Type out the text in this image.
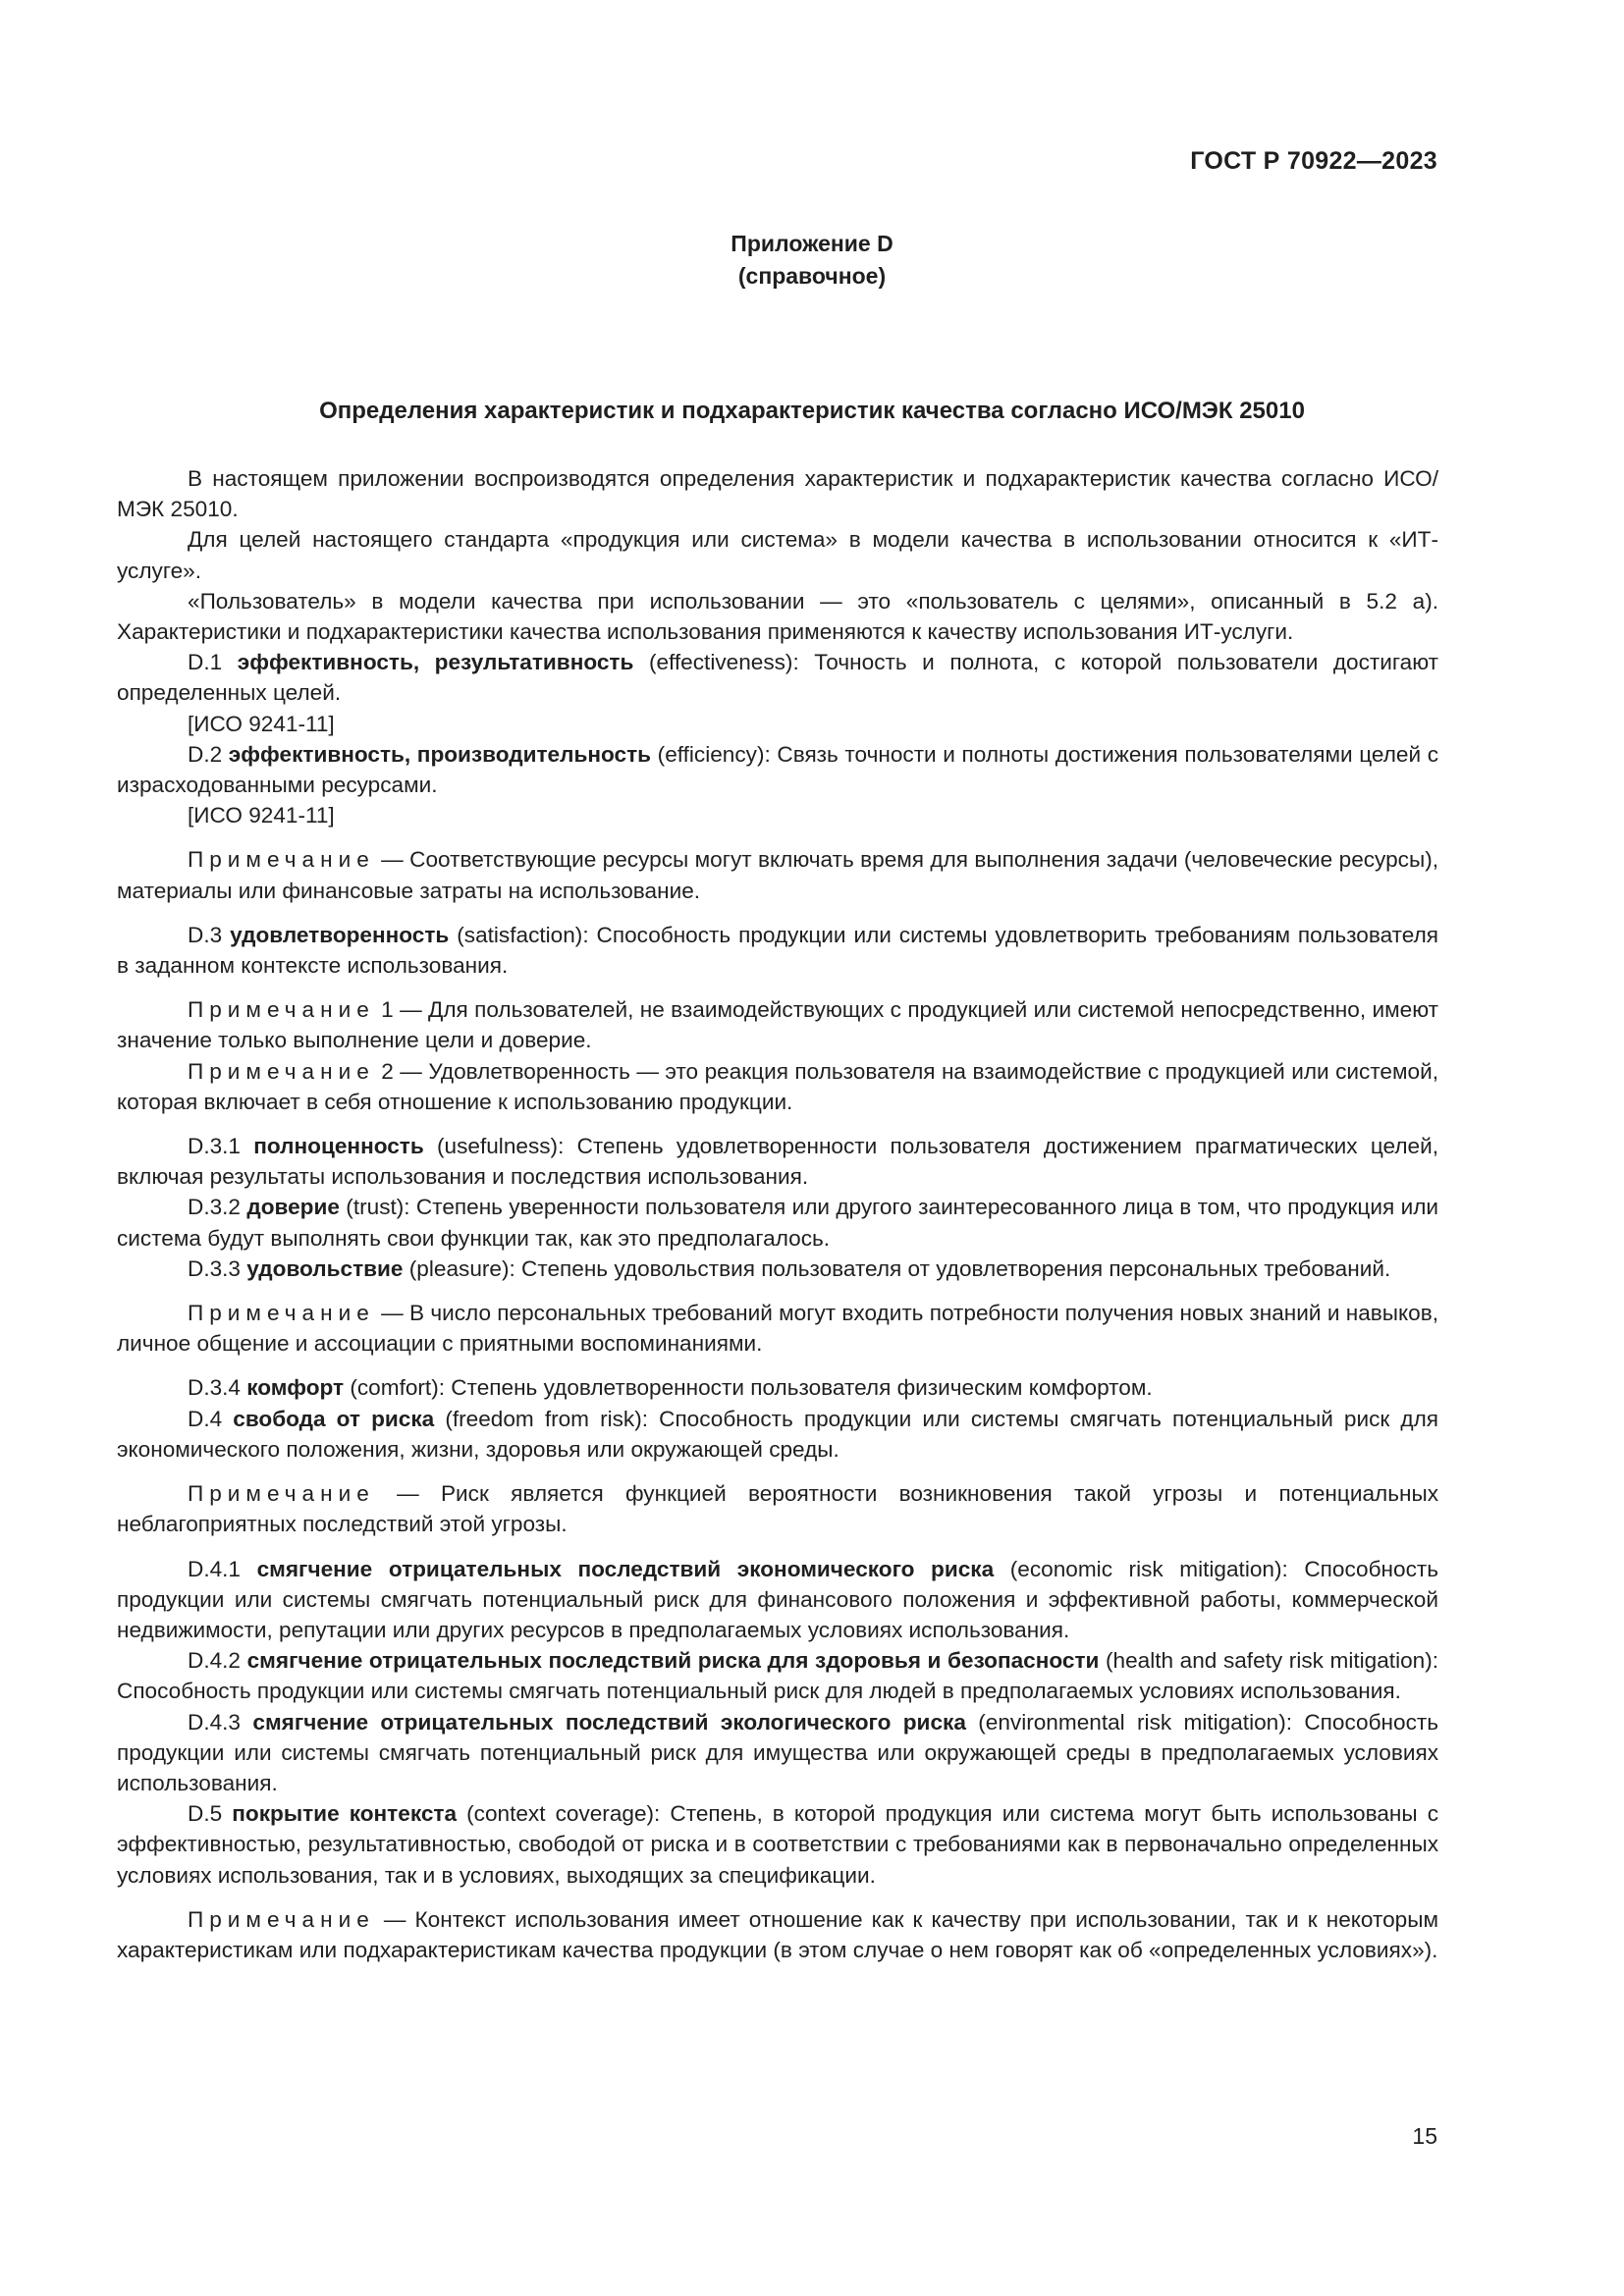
ГОСТ Р 70922—2023
Приложение D
(справочное)
Определения характеристик и подхарактеристик качества согласно ИСО/МЭК 25010

В настоящем приложении воспроизводятся определения характеристик и подхарактеристик качества согласно ИСО/МЭК 25010.

Для целей настоящего стандарта «продукция или система» в модели качества в использовании относится к «ИТ-услуге».

«Пользователь» в модели качества при использовании — это «пользователь с целями», описанный в 5.2 а). Характеристики и подхарактеристики качества использования применяются к качеству использования ИТ-услуги.

D.1 эффективность, результативность (effectiveness): Точность и полнота, с которой пользователи достигают определенных целей.

[ИСО 9241-11]

D.2 эффективность, производительность (efficiency): Связь точности и полноты достижения пользователями целей с израсходованными ресурсами.

[ИСО 9241-11]

Примечание — Соответствующие ресурсы могут включать время для выполнения задачи (человеческие ресурсы), материалы или финансовые затраты на использование.

D.3 удовлетворенность (satisfaction): Способность продукции или системы удовлетворить требованиям пользователя в заданном контексте использования.

Примечание 1 — Для пользователей, не взаимодействующих с продукцией или системой непосредственно, имеют значение только выполнение цели и доверие.

Примечание 2 — Удовлетворенность — это реакция пользователя на взаимодействие с продукцией или системой, которая включает в себя отношение к использованию продукции.

D.3.1 полноценность (usefulness): Степень удовлетворенности пользователя достижением прагматических целей, включая результаты использования и последствия использования.

D.3.2 доверие (trust): Степень уверенности пользователя или другого заинтересованного лица в том, что продукция или система будут выполнять свои функции так, как это предполагалось.

D.3.3 удовольствие (pleasure): Степень удовольствия пользователя от удовлетворения персональных требований.

Примечание — В число персональных требований могут входить потребности получения новых знаний и навыков, личное общение и ассоциации с приятными воспоминаниями.

D.3.4 комфорт (comfort): Степень удовлетворенности пользователя физическим комфортом.

D.4 свобода от риска (freedom from risk): Способность продукции или системы смягчать потенциальный риск для экономического положения, жизни, здоровья или окружающей среды.

Примечание — Риск является функцией вероятности возникновения такой угрозы и потенциальных неблагоприятных последствий этой угрозы.

D.4.1 смягчение отрицательных последствий экономического риска (economic risk mitigation): Способность продукции или системы смягчать потенциальный риск для финансового положения и эффективной работы, коммерческой недвижимости, репутации или других ресурсов в предполагаемых условиях использования.

D.4.2 смягчение отрицательных последствий риска для здоровья и безопасности (health and safety risk mitigation): Способность продукции или системы смягчать потенциальный риск для людей в предполагаемых условиях использования.

D.4.3 смягчение отрицательных последствий экологического риска (environmental risk mitigation): Способность продукции или системы смягчать потенциальный риск для имущества или окружающей среды в предполагаемых условиях использования.

D.5 покрытие контекста (context coverage): Степень, в которой продукция или система могут быть использованы с эффективностью, результативностью, свободой от риска и в соответствии с требованиями как в первоначально определенных условиях использования, так и в условиях, выходящих за спецификации.

Примечание — Контекст использования имеет отношение как к качеству при использовании, так и к некоторым характеристикам или подхарактеристикам качества продукции (в этом случае о нем говорят как об «определенных условиях»).

15
